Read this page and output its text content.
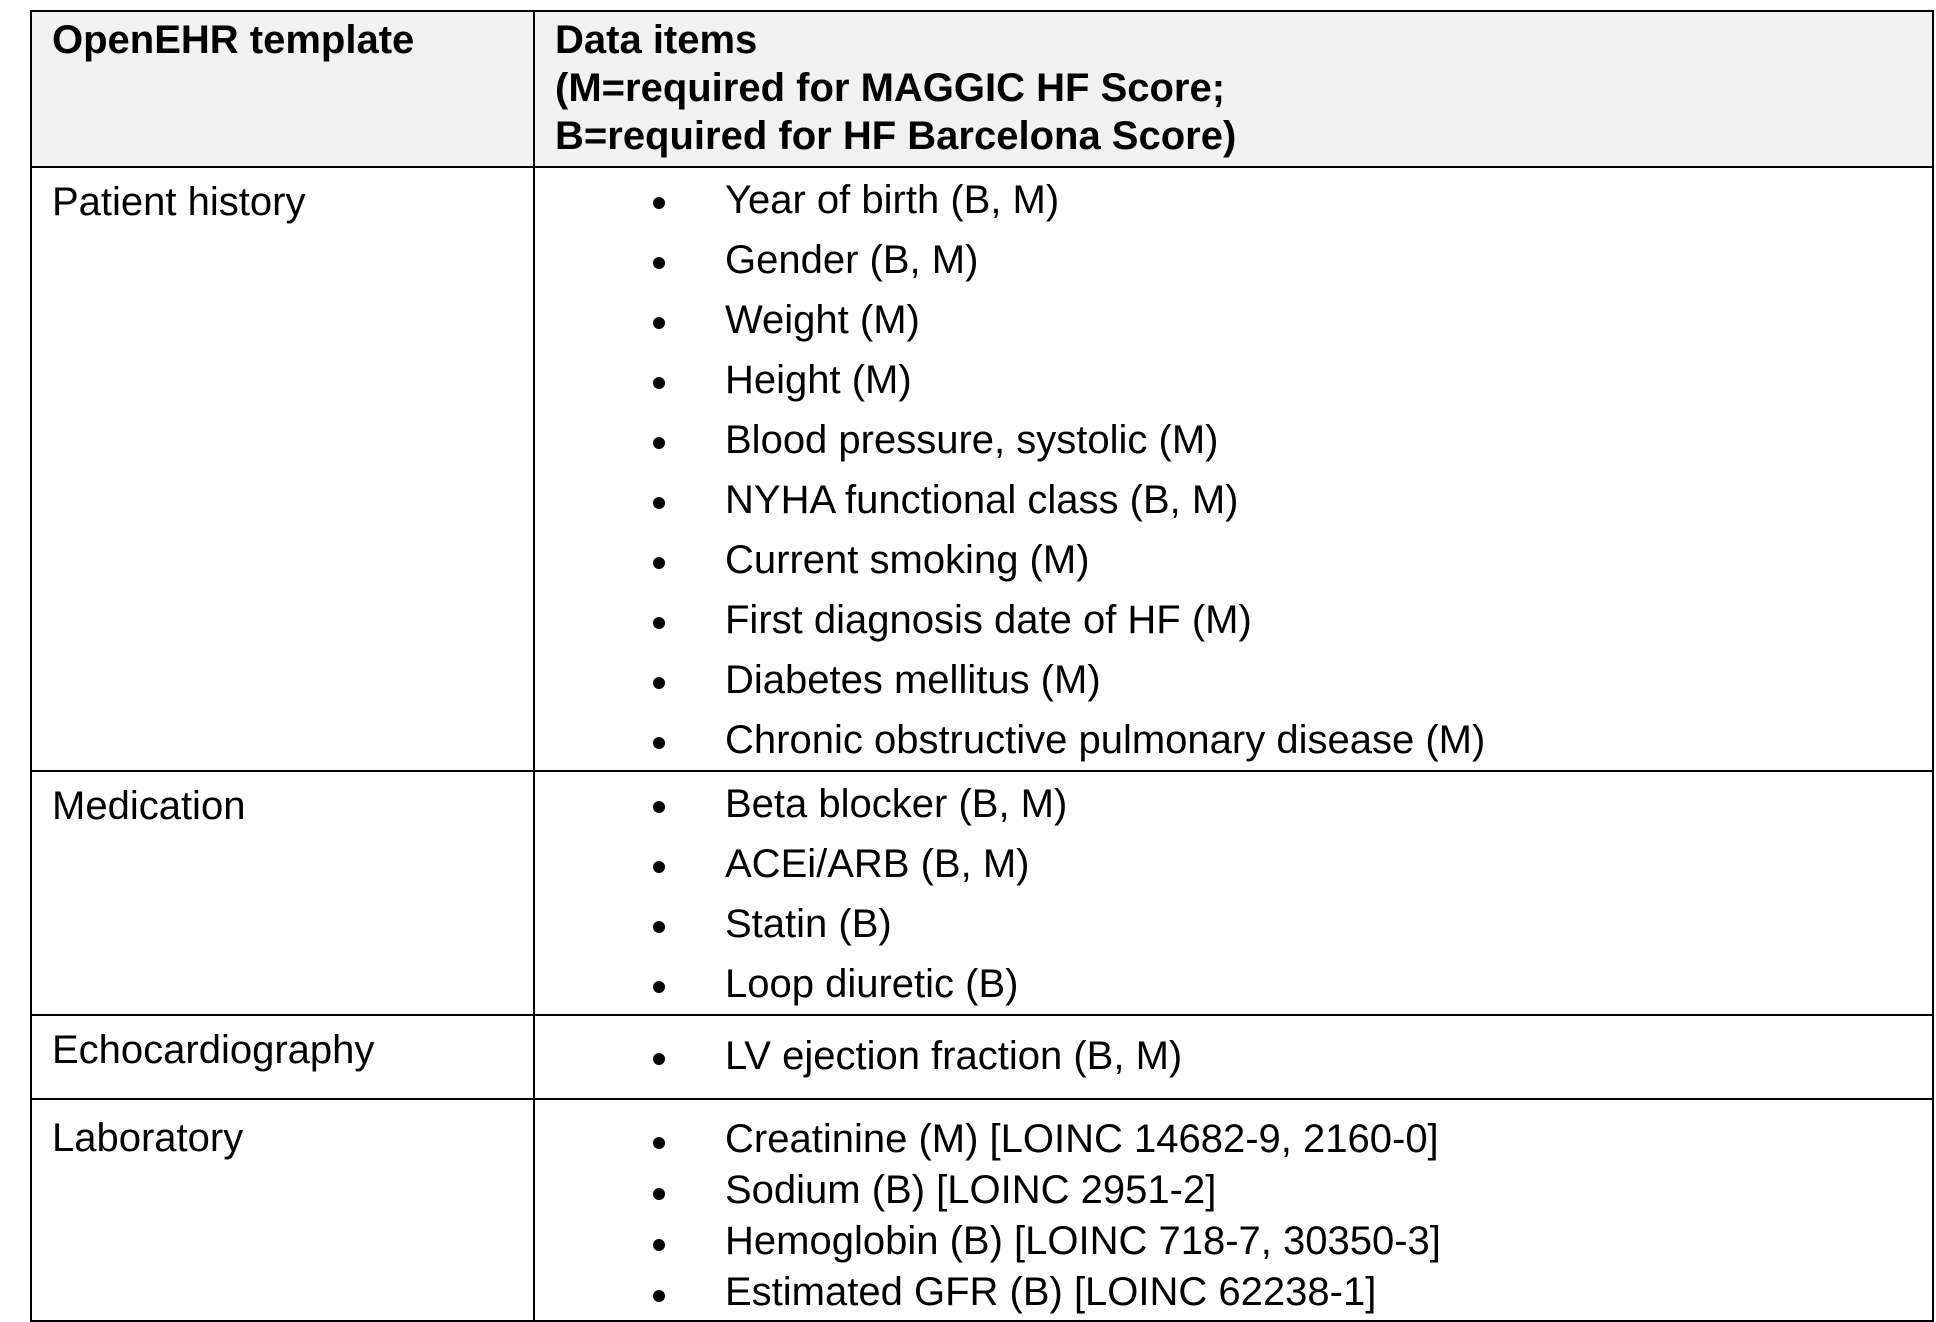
OpenEHR template	Data items
(M=required for MAGGIC HF Score;
B=required for HF Barcelona Score)
Patient history	Year of birth (B, M)
Gender (B, M)
Weight (M)
Height (M)
Blood pressure, systolic (M)
NYHA functional class (B, M)
Current smoking (M)
First diagnosis date of HF (M)
Diabetes mellitus (M)
Chronic obstructive pulmonary disease (M)
Medication	Beta blocker (B, M)
ACEi/ARB (B, M)
Statin (B)
Loop diuretic (B)
Echocardiography	LV ejection fraction (B, M)
Laboratory	Creatinine (M) [LOINC 14682-9, 2160-0]
Sodium (B) [LOINC 2951-2]
Hemoglobin (B) [LOINC 718-7, 30350-3]
Estimated GFR (B) [LOINC 62238-1]
